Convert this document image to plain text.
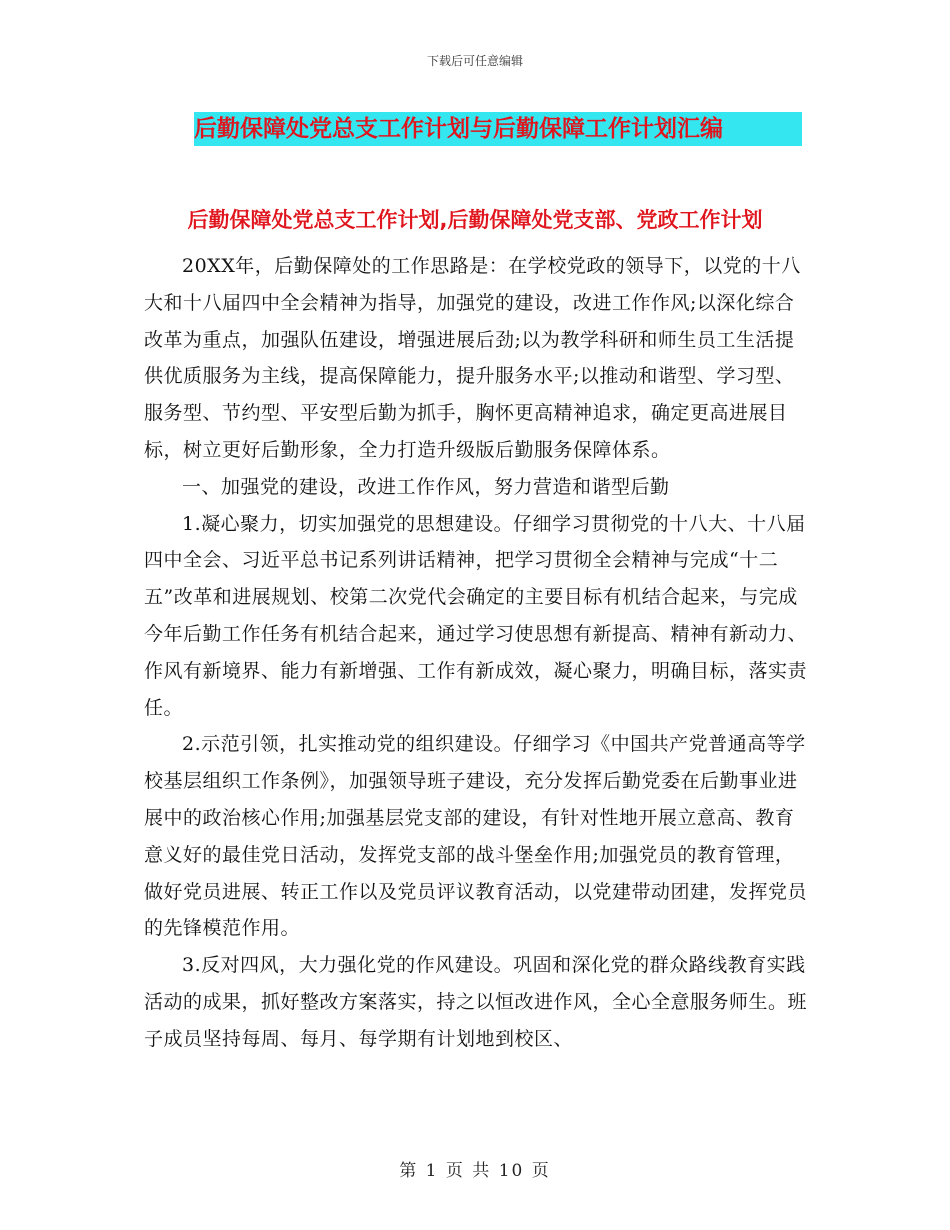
下载后可任意编辑
后勤保障处党总支工作计划与后勤保障工作计划汇编
后勤保障处党总支工作计划,后勤保障处党支部、党政工作计划

20XX年，后勤保障处的工作思路是：在学校党政的领导下，以党的十八大和十八届四中全会精神为指导，加强党的建设，改进工作作风;以深化综合改革为重点，加强队伍建设，增强进展后劲;以为教学科研和师生员工生活提供优质服务为主线，提高保障能力，提升服务水平;以推动和谐型、学习型、服务型、节约型、平安型后勤为抓手，胸怀更高精神追求，确定更高进展目标，树立更好后勤形象，全力打造升级版后勤服务保障体系。

一、加强党的建设，改进工作作风，努力营造和谐型后勤

1.凝心聚力，切实加强党的思想建设。仔细学习贯彻党的十八大、十八届四中全会、习近平总书记系列讲话精神，把学习贯彻全会精神与完成“十二五”改革和进展规划、校第二次党代会确定的主要目标有机结合起来，与完成今年后勤工作任务有机结合起来，通过学习使思想有新提高、精神有新动力、作风有新境界、能力有新增强、工作有新成效，凝心聚力，明确目标，落实责任。

2.示范引领，扎实推动党的组织建设。仔细学习《中国共产党普通高等学校基层组织工作条例》，加强领导班子建设，充分发挥后勤党委在后勤事业进展中的政治核心作用;加强基层党支部的建设，有针对性地开展立意高、教育意义好的最佳党日活动，发挥党支部的战斗堡垒作用;加强党员的教育管理，做好党员进展、转正工作以及党员评议教育活动，以党建带动团建，发挥党员的先锋模范作用。

3.反对四风，大力强化党的作风建设。巩固和深化党的群众路线教育实践活动的成果，抓好整改方案落实，持之以恒改进作风，全心全意服务师生。班子成员坚持每周、每月、每学期有计划地到校区、

第 1 页 共 10 页
